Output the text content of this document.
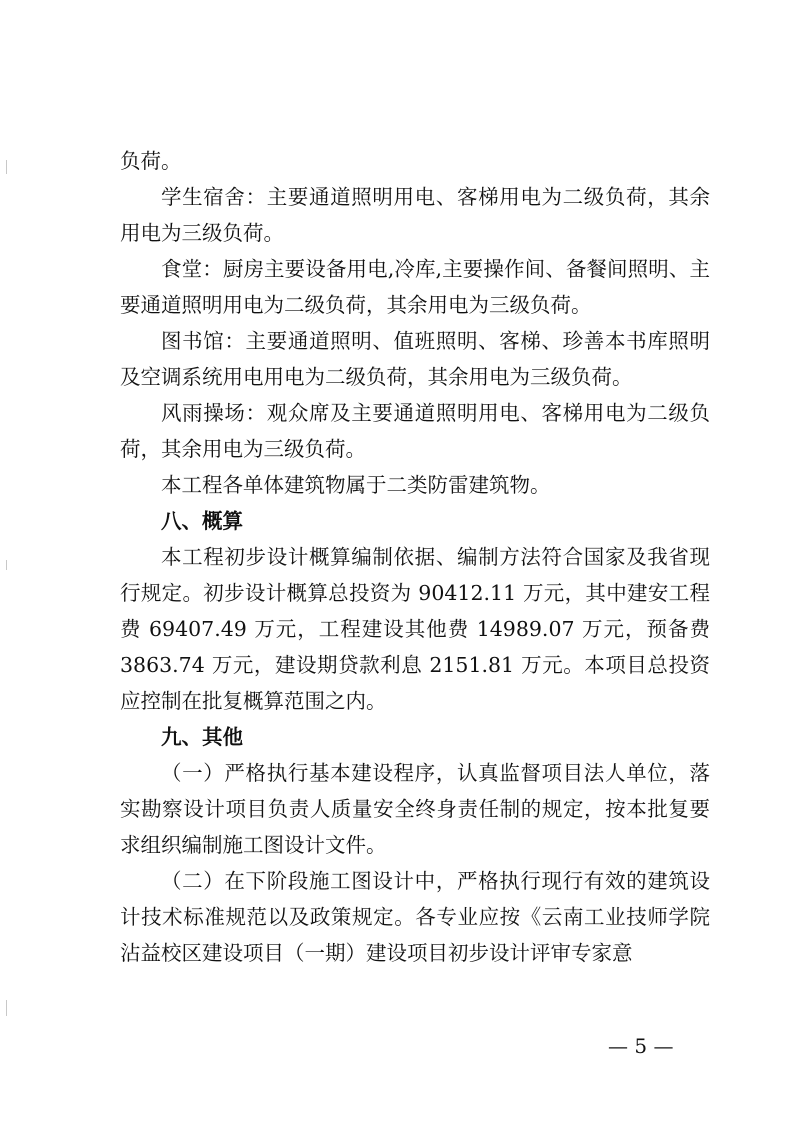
负荷。

学生宿舍：主要通道照明用电、客梯用电为二级负荷，其余用电为三级负荷。

食堂：厨房主要设备用电,冷库,主要操作间、备餐间照明、主要通道照明用电为二级负荷，其余用电为三级负荷。

图书馆：主要通道照明、值班照明、客梯、珍善本书库照明及空调系统用电用电为二级负荷，其余用电为三级负荷。

风雨操场：观众席及主要通道照明用电、客梯用电为二级负荷，其余用电为三级负荷。

本工程各单体建筑物属于二类防雷建筑物。

八、概算

本工程初步设计概算编制依据、编制方法符合国家及我省现行规定。初步设计概算总投资为 90412.11 万元，其中建安工程费 69407.49 万元，工程建设其他费 14989.07 万元，预备费 3863.74 万元，建设期贷款利息 2151.81 万元。本项目总投资应控制在批复概算范围之内。

九、其他

（一）严格执行基本建设程序，认真监督项目法人单位，落实勘察设计项目负责人质量安全终身责任制的规定，按本批复要求组织编制施工图设计文件。

（二）在下阶段施工图设计中，严格执行现行有效的建筑设计技术标准规范以及政策规定。各专业应按《云南工业技师学院沾益校区建设项目（一期）建设项目初步设计评审专家意

— 5 —
